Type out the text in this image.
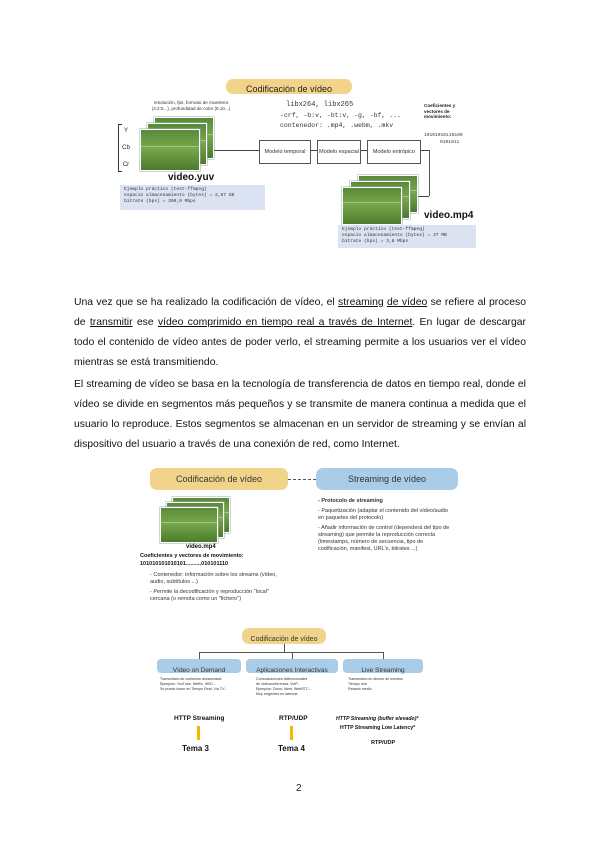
Codificación de vídeo
resolución, fps, formato de muestreo (4:2:0...), profundidad de color (8,10...)
Y
Cb
Cr
video.yuv
libx264, libx265
-crf, -b:v, -bt:v, -g, -bf, ...
contenedor: .mp4, .webm, .mkv
Coeficientes y vectores de movimiento:
10101010110100
0101011
Modelo temporal Modelo espacial	Modelo entrópico
Ejemplo práctico (test-ffmpeg)
espacio almacenamiento (bytes) = 2,87 GB
bitrate (bps) = 300,0 Mbps
video.mp4
Ejemplo práctico (test-ffmpeg)
espacio almacenamiento (bytes) = 37 MB
bitrate (bps) = 3,8 Mbps
Una vez que se ha realizado la codificación de vídeo, el streaming de vídeo se refiere al proceso de transmitir ese vídeo comprimido en tiempo real a través de Internet. En lugar de descargar todo el contenido de vídeo antes de poder verlo, el streaming permite a los usuarios ver el vídeo mientras se está transmitiendo.
El streaming de vídeo se basa en la tecnología de transferencia de datos en tiempo real, donde el vídeo se divide en segmentos más pequeños y se transmite de manera continua a medida que el usuario lo reproduce. Estos segmentos se almacenan en un servidor de streaming y se envían al dispositivo del usuario a través de una conexión de red, como Internet.
Codificación de vídeo	Streaming de vídeo
video.mp4
Coeficientes y vectores de movimiento:
101010101010101..........010101110
- Contenedor: información sobre los streams (vídeo, audio, subtítulos ...)
- Permite la decodificación y reproducción "local" cercana (o remota como un "fichero")
- Protocolo de streaming
- Paquetización (adaptar el contenido del vídeo/audio en paquetes del protocolo)
- Añadir información de control (dependerá del tipo de streaming) que permite la reproducción correcta (timestamps, número de secuencia, tipo de codificación, manifest, URL's, bitrates ...)
Codificación de vídeo
Vídeo on Demand
Transmisión de contenido almacenado
Ejemplos: YouTube, Netflix, HBO...
Se puede hacer en Tiempo Real, Vía TV...
HTTP Streaming
Tema 3
Aplicaciones Interactivas
Comunicaciones bidireccionales
de videoconferencia, VoIP...
Ejemplos: Zoom, Meet, WebRTC...
Muy exigentes en latencia
RTP/UDP
Tema 4
Live Streaming
Transmisión en directo de eventos
Tiempo real
Retardo medio
HTTP Streaming (buffer elevado)*
HTTP Streaming Low Latency*
RTP/UDP
2
